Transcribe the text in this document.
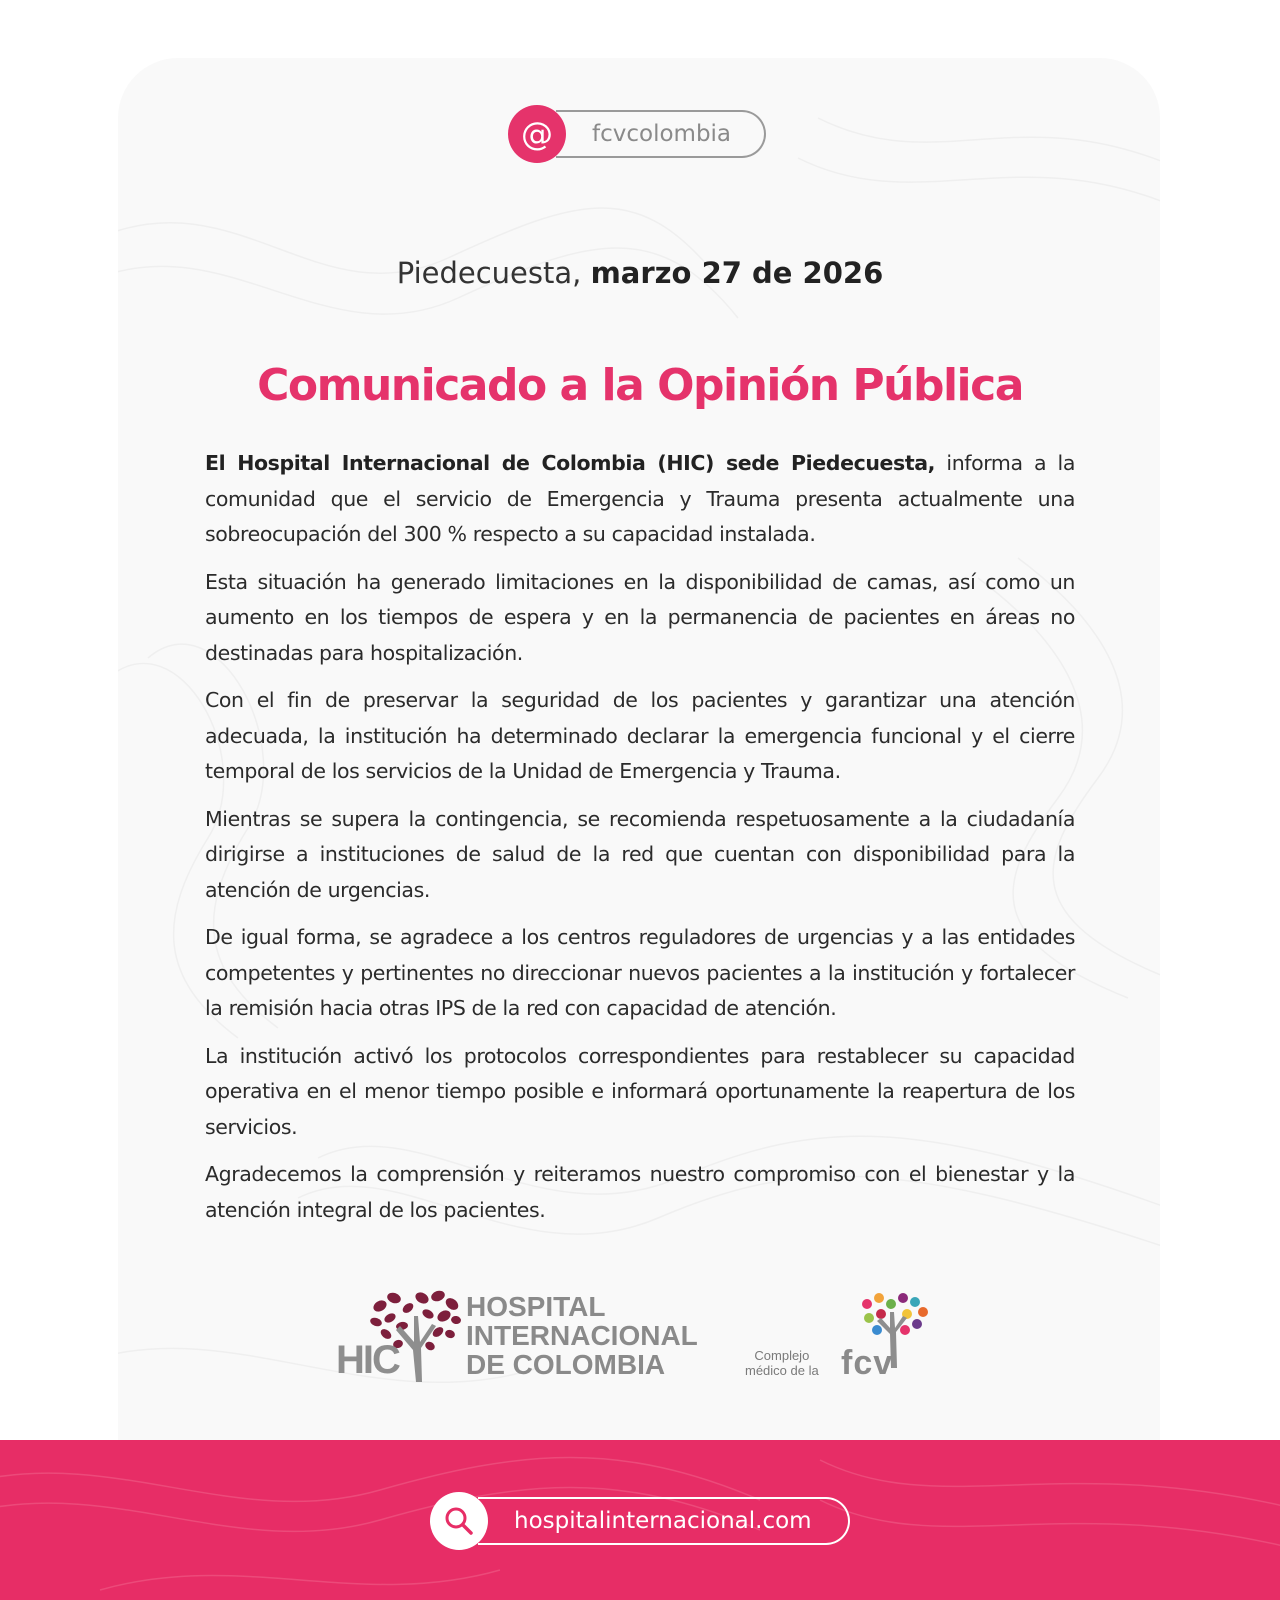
@	fcvcolombia
Piedecuesta, marzo 27 de 2026
Comunicado a la Opinión Pública

El Hospital Internacional de Colombia (HIC) sede Piedecuesta, informa a la comunidad que el servicio de Emergencia y Trauma presenta actualmente una sobreocupación del 300 % respecto a su capacidad instalada.

Esta situación ha generado limitaciones en la disponibilidad de camas, así como un aumento en los tiempos de espera y en la permanencia de pacientes en áreas no destinadas para hospitalización.

Con el fin de preservar la seguridad de los pacientes y garantizar una atención adecuada, la institución ha determinado declarar la emergencia funcional y el cierre temporal de los servicios de la Unidad de Emergencia y Trauma.

Mientras se supera la contingencia, se recomienda respetuosamente a la ciudadanía dirigirse a instituciones de salud de la red que cuentan con disponibilidad para la atención de urgencias.

De igual forma, se agradece a los centros reguladores de urgencias y a las entidades competentes y pertinentes no direccionar nuevos pacientes a la institución y fortalecer la remisión hacia otras IPS de la red con capacidad de atención.

La institución activó los protocolos correspondientes para restablecer su capacidad operativa en el menor tiempo posible e informará oportunamente la reapertura de los servicios.

Agradecemos la comprensión y reiteramos nuestro compromiso con el bienestar y la atención integral de los pacientes.

HIC
HOSPITAL
INTERNACIONAL
DE COLOMBIA	Complejo
médico de la fcv
hospitalinternacional.com
